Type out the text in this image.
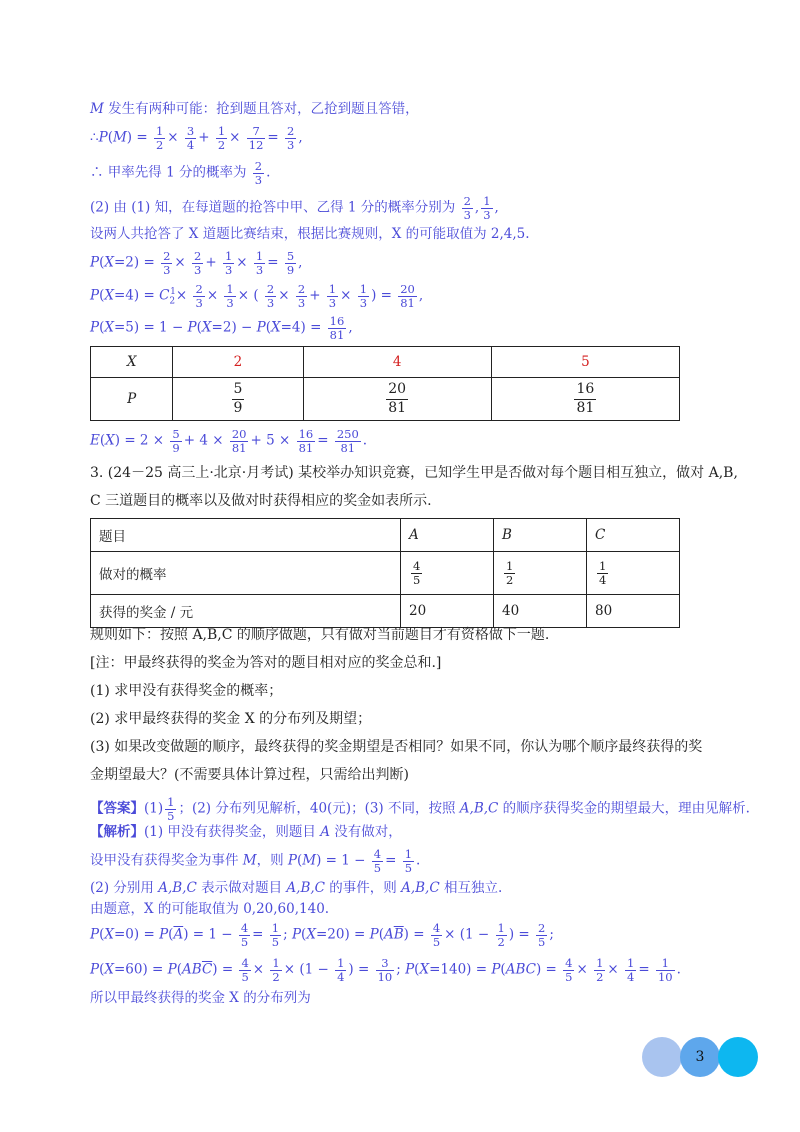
M 发生有两种可能：抢到题且答对，乙抢到题且答错，
∴P(M) = $\frac{1}{2} \times \frac{3}{4} + \frac{1}{2} \times \frac{7}{12} = \frac{2}{3}$ ,
∴ 甲率先得 1 分的概率为 $\frac{2}{3}$ .
(2) 由 (1) 知，在每道题的抢答中甲、乙得 1 分的概率分别为 $\frac{2}{3}$ , $\frac{1}{3}$ ,
设两人共抢答了 X 道题比赛结束，根据比赛规则，X 的可能取值为 2,4,5.
$P(X=2) = \frac{2}{3} \times \frac{2}{3} + \frac{1}{3} \times \frac{1}{3} = \frac{5}{9}$ ,
$P(X=4) = C_2^1\times \frac{2}{3} \times \frac{1}{3}$ × ( $\frac{2}{3} \times \frac{2}{3} + \frac{1}{3} \times \frac{1}{3}$ ) = $\frac{20}{81}$ ,
$P(X=5) = 1 - P(X=2) - P(X=4) = \frac{16}{81}$ ,
X	2	4	5
P	$\frac{5}{9}$	$\frac{20}{81}$	$\frac{16}{81}$
$E(X) = 2 \times \frac{5}{9} + 4 \times \frac{20}{81} + 5 \times \frac{16}{81} = \frac{250}{81}$ .
3. (24－25 高三上·北京·月考试) 某校举办知识竞赛，已知学生甲是否做对每个题目相互独立，做对 A,B,
C 三道题目的概率以及做对时获得相应的奖金如表所示.
题目	A	B	C
做对的概率	$\frac{4}{5}$	$\frac{1}{2}$	$\frac{1}{4}$

获得的奖金 / 元	20	40	80
规则如下：按照 A,B,C 的顺序做题，只有做对当前题目才有资格做下一题.
[注：甲最终获得的奖金为答对的题目相对应的奖金总和.]
(1) 求甲没有获得奖金的概率；
(2) 求甲最终获得的奖金 X 的分布列及期望；
(3) 如果改变做题的顺序，最终获得的奖金期望是否相同？如果不同，你认为哪个顺序最终获得的奖
金期望最大？(不需要具体计算过程，只需给出判断)
【答案】$(1) \frac{1}{5}$ ；(2) 分布列见解析，40(元)；(3) 不同，按照 A,B,C 的顺序获得奖金的期望最大，理由见解析.
【解析】(1) 甲没有获得奖金，则题目 A 没有做对，
设甲没有获得奖金为事件 M，则 $P(M) = 1 - \frac{4}{5} = \frac{1}{5}$ .
(2) 分别用 A,B,C 表示做对题目 A,B,C 的事件，则 A,B,C 相互独立.
由题意，X 的可能取值为 0,20,60,140.
$P(X=0) = P(\overline{A}) = 1 - \frac{4}{5} = \frac{1}{5}$ ; $P(X=20) = P(A\overline{B}) = \frac{4}{5} \times (1 - \frac{1}{2}$ ) = $\frac{2}{5}$ ;
$P(X=60) = P(AB\overline{C}) = \frac{4}{5} \times \frac{1}{2} \times (1 - \frac{1}{4}$ ) = $\frac{3}{10}$ ; $P(X=140) = P(ABC) = \frac{4}{5} \times \frac{1}{2} \times \frac{1}{4} = \frac{1}{10}$ .
所以甲最终获得的奖金 X 的分布列为
3
